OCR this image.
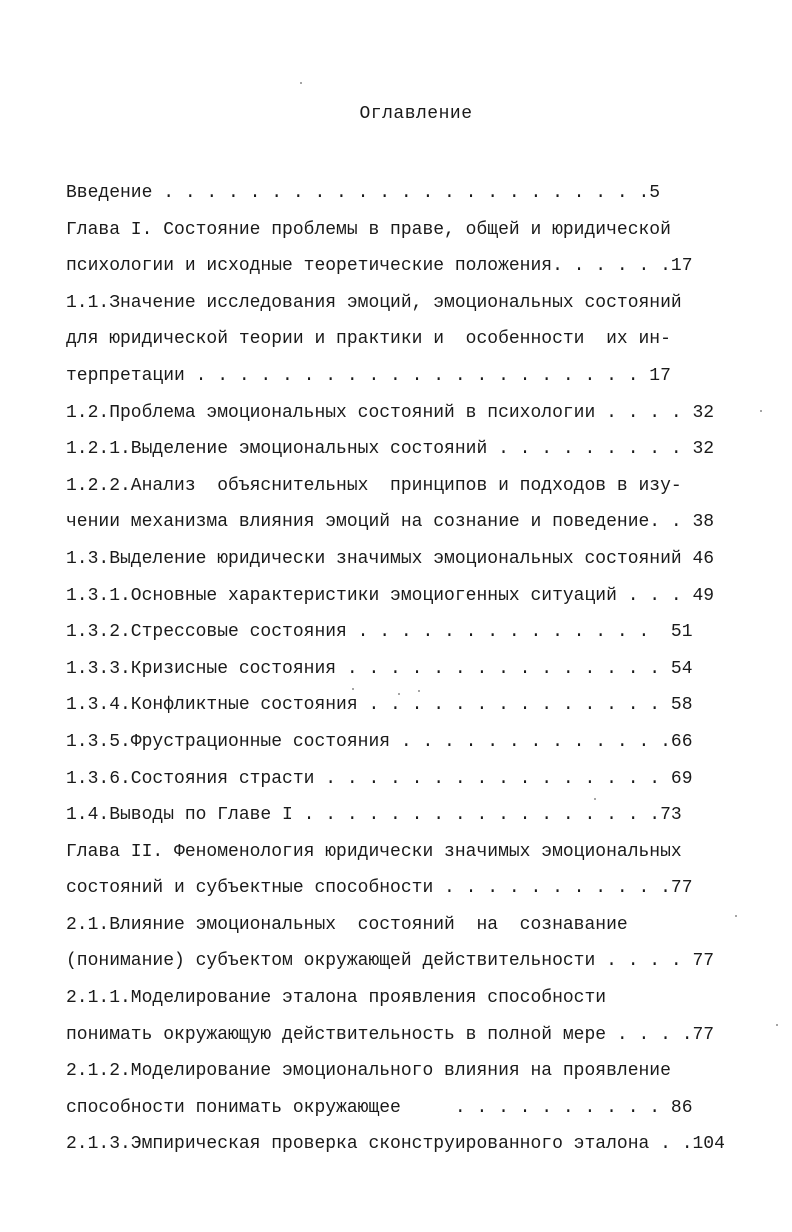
Оглавление
Введение . . . . . . . . . . . . . . . . . . . . . . .5
Глава I. Состояние проблемы в праве, общей и юридической
психологии и исходные теоретические положения. . . . . .17
1.1.Значение исследования эмоций, эмоциональных состояний
для юридической теории и практики и  особенности  их ин-
терпретации . . . . . . . . . . . . . . . . . . . . . 17
1.2.Проблема эмоциональных состояний в психологии . . . . 32
1.2.1.Выделение эмоциональных состояний . . . . . . . . . 32
1.2.2.Анализ  объяснительных  принципов и подходов в изу-
чении механизма влияния эмоций на сознание и поведение. . 38
1.3.Выделение юридически значимых эмоциональных состояний 46
1.3.1.Основные характеристики эмоциогенных ситуаций . . . 49
1.3.2.Стрессовые состояния . . . . . . . . . . . . . .  51
1.3.3.Кризисные состояния . . . . . . . . . . . . . . . 54
1.3.4.Конфликтные состояния . . . . . . . . . . . . . . 58
1.3.5.Фрустрационные состояния . . . . . . . . . . . . .66
1.3.6.Состояния страсти . . . . . . . . . . . . . . . . 69
1.4.Выводы по Главе I . . . . . . . . . . . . . . . . .73
Глава II. Феноменология юридически значимых эмоциональных
состояний и субъектные способности . . . . . . . . . . .77
2.1.Влияние эмоциональных  состояний  на  сознавание
(понимание) субъектом окружающей действительности . . . . 77
2.1.1.Моделирование эталона проявления способности
понимать окружающую действительность в полной мере . . . .77
2.1.2.Моделирование эмоционального влияния на проявление
способности понимать окружающее     . . . . . . . . . . 86
2.1.3.Эмпирическая проверка сконструированного эталона . .104
